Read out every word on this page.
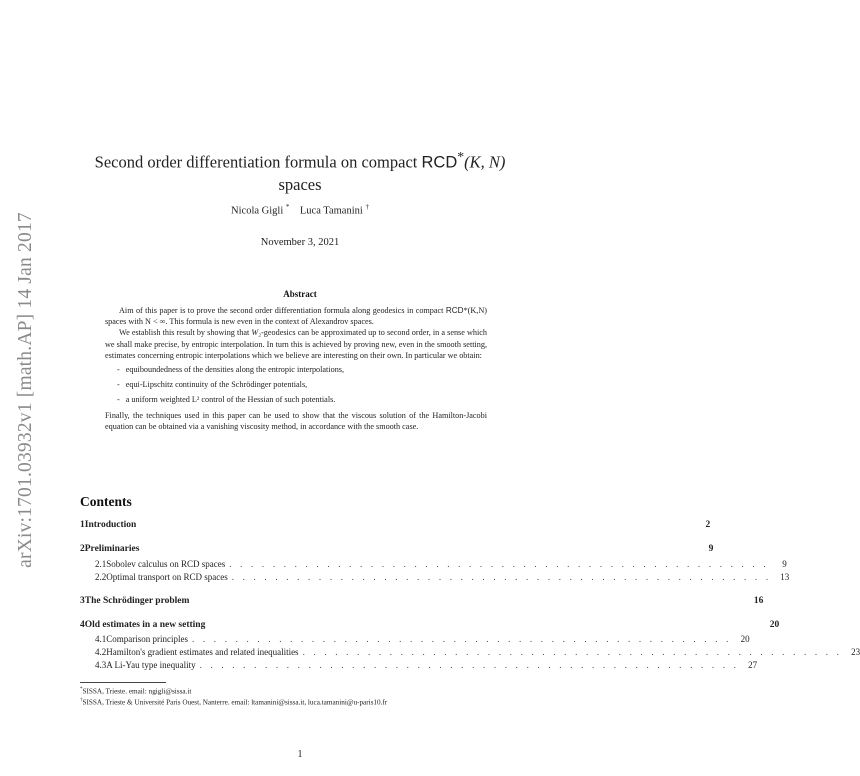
arXiv:1701.03932v1 [math.AP] 14 Jan 2017
Second order differentiation formula on compact RCD*(K, N)
spaces
Nicola Gigli * Luca Tamanini †
November 3, 2021
Abstract

Aim of this paper is to prove the second order differentiation formula along geodesics in compact RCD*(K,N) spaces with N < ∞. This formula is new even in the context of Alexandrov spaces.

We establish this result by showing that W₂-geodesics can be approximated up to second order, in a sense which we shall make precise, by entropic interpolation. In turn this is achieved by proving new, even in the smooth setting, estimates concerning entropic interpolations which we believe are interesting on their own. In particular we obtain:

- equiboundedness of the densities along the entropic interpolations,
- equi-Lipschitz continuity of the Schrödinger potentials,
- a uniform weighted L² control of the Hessian of such potentials.

Finally, the techniques used in this paper can be used to show that the viscous solution of the Hamilton-Jacobi equation can be obtained via a vanishing viscosity method, in accordance with the smooth case.

Contents
1 Introduction	2
2 Preliminaries	9
2.1 Sobolev calculus on RCD spaces . . . . . . . . . . . . . . . . . . . . . . . . . . . . . . . . . . . . . . . . . . . . . . . . . .	9
2.2 Optimal transport on RCD spaces . . . . . . . . . . . . . . . . . . . . . . . . . . . . . . . . . . . . . . . . . . . . . . . . . .	13
3 The Schrödinger problem	16
4 Old estimates in a new setting	20
4.1 Comparison principles . . . . . . . . . . . . . . . . . . . . . . . . . . . . . . . . . . . . . . . . . . . . . . . . . .	20
4.2 Hamilton's gradient estimates and related inequalities . . . . . . . . . . . . . . . . . . . . . . . . . . . . . . . . . . . . . . . . . . . . . . . . . .	23
4.3 A Li-Yau type inequality . . . . . . . . . . . . . . . . . . . . . . . . . . . . . . . . . . . . . . . . . . . . . . . . . .	27
*SISSA, Trieste. email: ngigli@sissa.it
†SISSA, Trieste & Université Paris Ouest, Nanterre. email: ltamanini@sissa.it, luca.tamanini@u-paris10.fr
1
